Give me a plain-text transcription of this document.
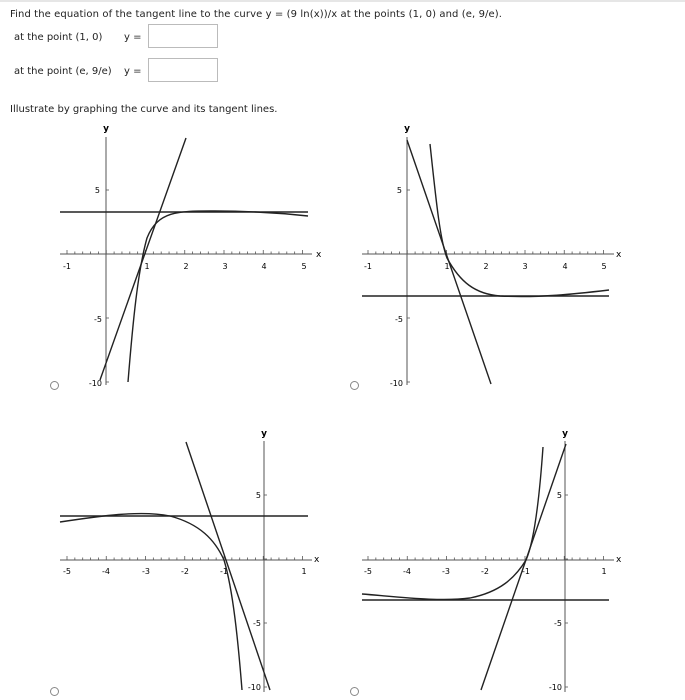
Find the equation of the tangent line to the curve y = (9 ln(x))/x at the points (1, 0) and (e, 9/e).
at the point (1, 0) y =
at the point (e, 9/e) y =
Illustrate by graphing the curve and its tangent lines.
-1	1	2	3	4	5
5
-5
-10
x
y
-1	1	2	3	4	5
5
-5
-10
x
y
-5	-4	-3	-2	-1	1
5
-5
-10
x
y
-5	-4	-3	-2	-1	1
5
-5
-10
x
y
